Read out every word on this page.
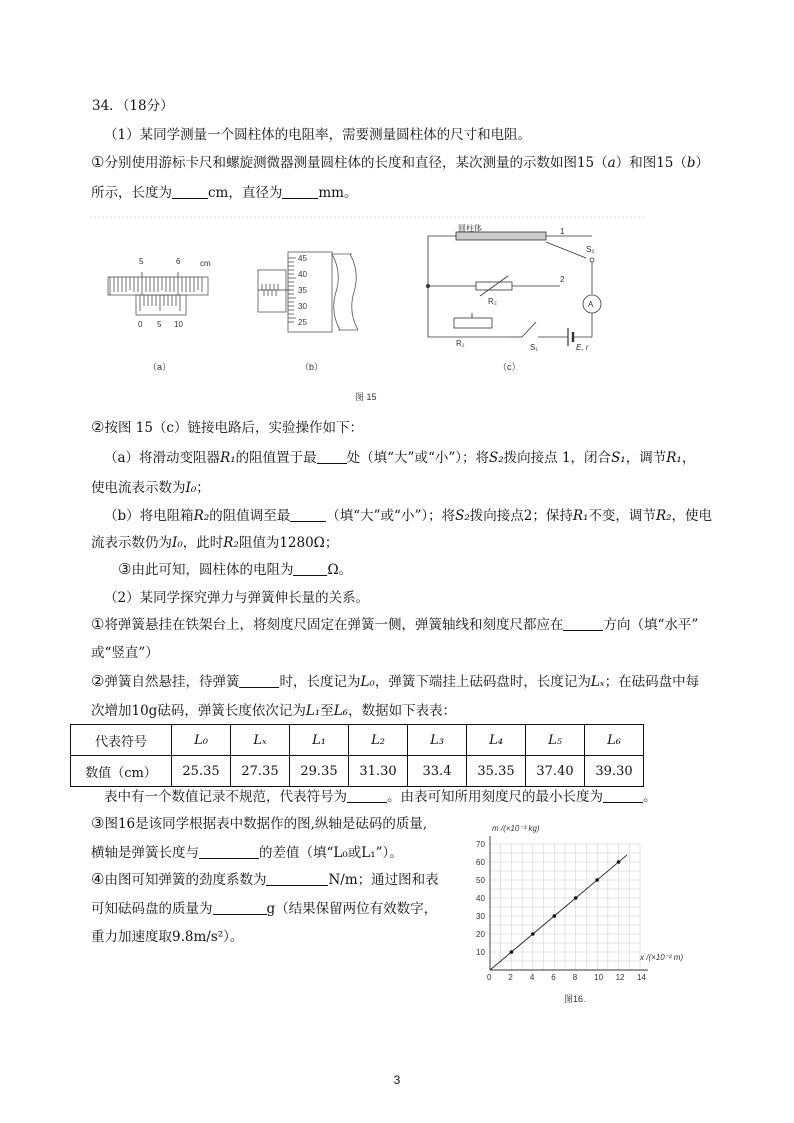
34．（18分）
（1）某同学测量一个圆柱体的电阻率，需要测量圆柱体的尺寸和电阻。
①分别使用游标卡尺和螺旋测微器测量圆柱体的长度和直径，某次测量的示数如图15（a）和图15（b）
所示，长度为	cm，直径为	mm。
5	6 cm
0 5 10
45
40
35
30
25
圆柱体	1
2
S₂
R₂	A
R₁	S₁	E, r
（a）	（b）	（c）
图 15
②按图 15（c）链接电路后，实验操作如下：
（a）将滑动变阻器R₁的阻值置于最 处（填“大”或“小”）；将S₂拨向接点 1，闭合S₁，调节R₁，
使电流表示数为I₀；
（b）将电阻箱R₂的阻值调至最	（填“大”或“小”）；将S₂拨向接点2；保持R₁不变，调节R₂，使电
流表示数仍为I₀，此时R₂阻值为1280Ω；
③由此可知，圆柱体的电阻为	Ω。
（2）某同学探究弹力与弹簧伸长量的关系。
①将弹簧悬挂在铁架台上，将刻度尺固定在弹簧一侧，弹簧轴线和刻度尺都应在	方向（填“水平”
或“竖直”）
②弹簧自然悬挂，待弹簧	时，长度记为L₀，弹簧下端挂上砝码盘时，长度记为Lₓ；在砝码盘中每
次增加10g砝码，弹簧长度依次记为L₁至L₆，数据如下表表：
代表符号	L₀	Lₓ	L₁	L₂	L₃	L₄	L₅	L₆
数值（cm）	25.35	27.35	29.35	31.30	33.4	35.35	37.40	39.30
表中有一个数值记录不规范，代表符号为	。由表可知所用刻度尺的最小长度为	。
③图16是该同学根据表中数据作的图,纵轴是砝码的质量,
横轴是弹簧长度与	的差值（填“L₀或L₁”）。
④由图可知弹簧的劲度系数为	N/m；通过图和表
可知砝码盘的质量为	g（结果保留两位有效数字，
重力加速度取9.8m/s²）。
0 2 4 6 8 10 12 14
10
20
30
40
50
60
70
m /(×10⁻³ kg)
x /(×10⁻² m)
图16.
3
